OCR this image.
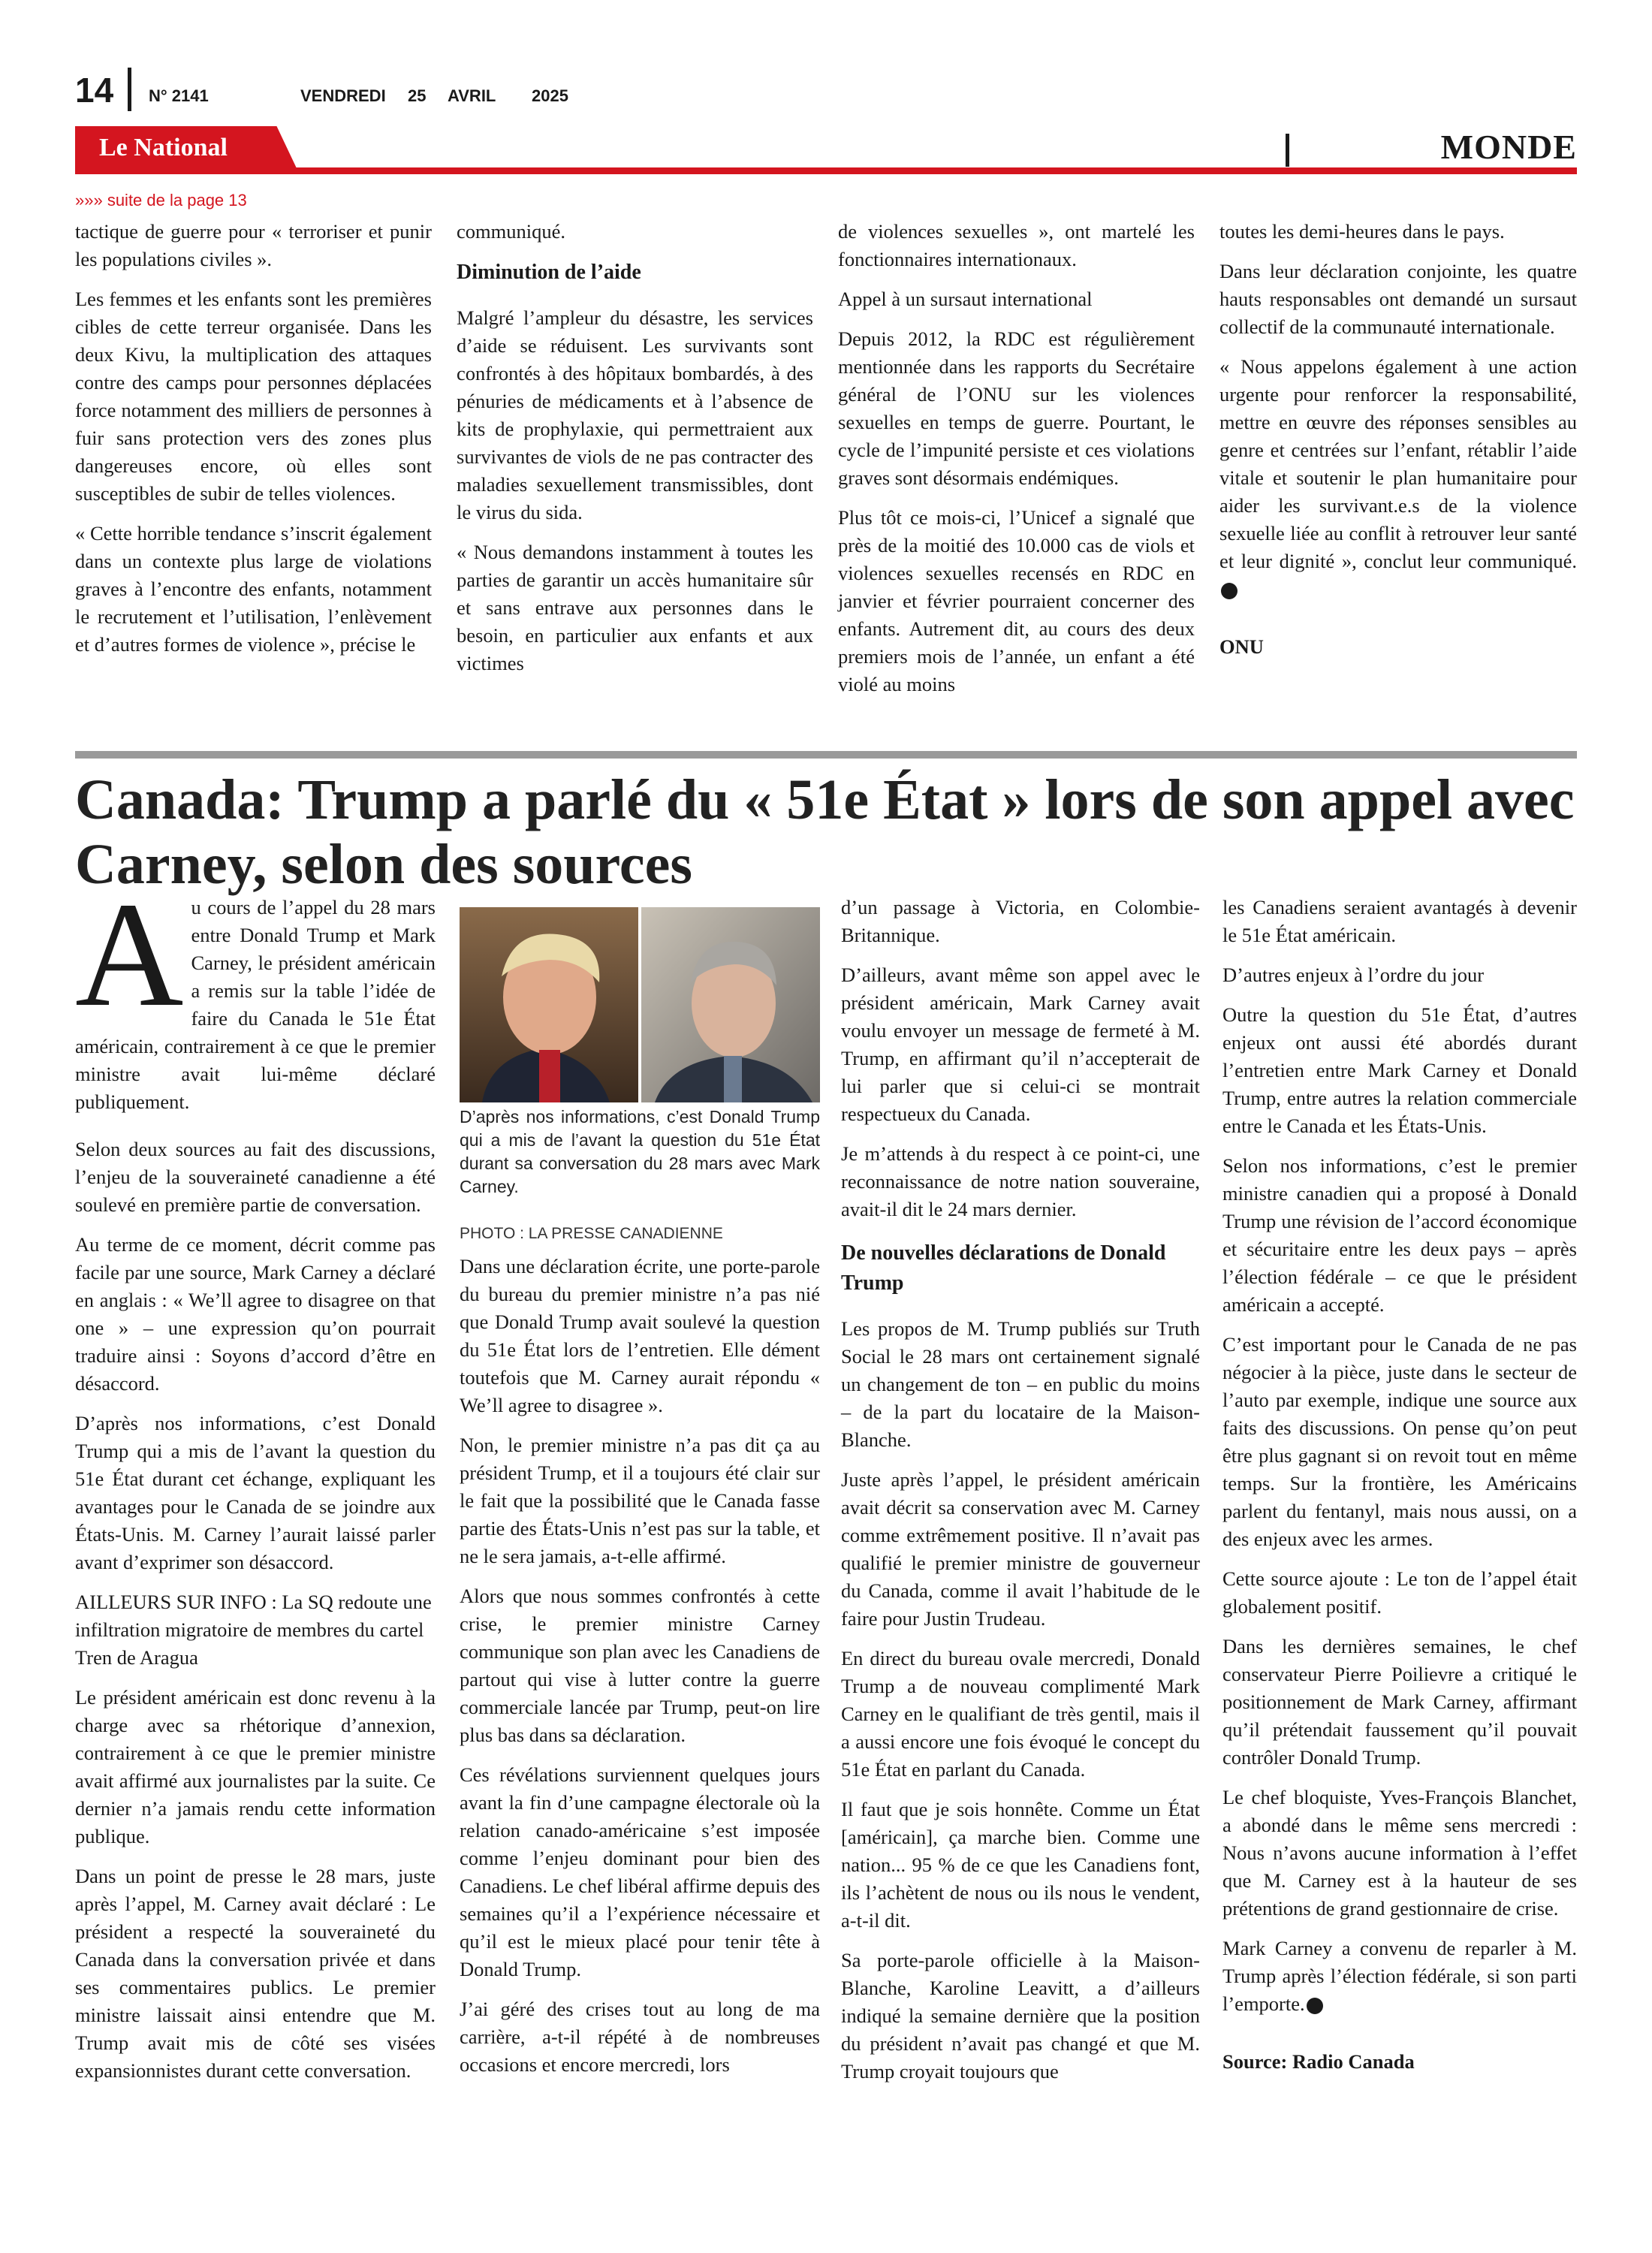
14 N° 2141	VENDREDI 25 AVRIL 2025
Le National	MONDE
»»» suite de la page 13

tactique de guerre pour « terroriser et punir les populations civiles ».

Les femmes et les enfants sont les premières cibles de cette terreur organisée. Dans les deux Kivu, la multiplication des attaques contre des camps pour personnes déplacées force notamment des milliers de personnes à fuir sans protection vers des zones plus dangereuses encore, où elles sont susceptibles de subir de telles violences.

« Cette horrible tendance s’inscrit également dans un contexte plus large de violations graves à l’encontre des enfants, notamment le recrutement et l’utilisation, l’enlèvement et d’autres formes de violence », précise le

communiqué.

Diminution de l’aide

Malgré l’ampleur du désastre, les services d’aide se réduisent. Les survivants sont confrontés à des hôpitaux bombardés, à des pénuries de médicaments et à l’absence de kits de prophylaxie, qui permettraient aux survivantes de viols de ne pas contracter des maladies sexuellement transmissibles, dont le virus du sida.

« Nous demandons instamment à toutes les parties de garantir un accès humanitaire sûr et sans entrave aux personnes dans le besoin, en particulier aux enfants et aux victimes

de violences sexuelles », ont martelé les fonctionnaires internationaux.

Appel à un sursaut international

Depuis 2012, la RDC est régulièrement mentionnée dans les rapports du Secrétaire général de l’ONU sur les violences sexuelles en temps de guerre. Pourtant, le cycle de l’impunité persiste et ces violations graves sont désormais endémiques.

Plus tôt ce mois-ci, l’Unicef a signalé que près de la moitié des 10.000 cas de viols et violences sexuelles recensés en RDC en janvier et février pourraient concerner des enfants. Autrement dit, au cours des deux premiers mois de l’année, un enfant a été violé au moins

toutes les demi-heures dans le pays.

Dans leur déclaration conjointe, les quatre hauts responsables ont demandé un sursaut collectif de la communauté internationale.

« Nous appelons également à une action urgente pour renforcer la responsabilité, mettre en œuvre des réponses sensibles au genre et centrées sur l’enfant, rétablir l’aide vitale et soutenir le plan humanitaire pour aider les survivant.e.s de la violence sexuelle liée au conflit à retrouver leur santé et leur dignité », conclut leur communiqué.

ONU

Canada: Trump a parlé du « 51e État » lors de son appel avec Carney, selon des sources

Au cours de l’appel du 28 mars entre Donald Trump et Mark Carney, le président américain a remis sur la table l’idée de faire du Canada le 51e État américain, contrairement à ce que le premier ministre avait lui-même déclaré publiquement.

Selon deux sources au fait des discussions, l’enjeu de la souveraineté canadienne a été soulevé en première partie de conversation.

Au terme de ce moment, décrit comme pas facile par une source, Mark Carney a déclaré en anglais : « We’ll agree to disagree on that one » – une expression qu’on pourrait traduire ainsi : Soyons d’accord d’être en désaccord.

D’après nos informations, c’est Donald Trump qui a mis de l’avant la question du 51e État durant cet échange, expliquant les avantages pour le Canada de se joindre aux États-Unis. M. Carney l’aurait laissé parler avant d’exprimer son désaccord.

AILLEURS SUR INFO : La SQ redoute une infiltration migratoire de membres du cartel Tren de Aragua

Le président américain est donc revenu à la charge avec sa rhétorique d’annexion, contrairement à ce que le premier ministre avait affirmé aux journalistes par la suite. Ce dernier n’a jamais rendu cette information publique.

Dans un point de presse le 28 mars, juste après l’appel, M. Carney avait déclaré : Le président a respecté la souveraineté du Canada dans la conversation privée et dans ses commentaires publics. Le premier ministre laissait ainsi entendre que M. Trump avait mis de côté ses visées expansionnistes durant cette conversation.

D’après nos informations, c’est Donald Trump qui a mis de l’avant la question du 51e État durant sa conversation du 28 mars avec Mark Carney.
PHOTO : LA PRESSE CANADIENNE

Dans une déclaration écrite, une porte-parole du bureau du premier ministre n’a pas nié que Donald Trump avait soulevé la question du 51e État lors de l’entretien. Elle dément toutefois que M. Carney aurait répondu « We’ll agree to disagree ».

Non, le premier ministre n’a pas dit ça au président Trump, et il a toujours été clair sur le fait que la possibilité que le Canada fasse partie des États-Unis n’est pas sur la table, et ne le sera jamais, a-t-elle affirmé.

Alors que nous sommes confrontés à cette crise, le premier ministre Carney communique son plan avec les Canadiens de partout qui vise à lutter contre la guerre commerciale lancée par Trump, peut-on lire plus bas dans sa déclaration.

Ces révélations surviennent quelques jours avant la fin d’une campagne électorale où la relation canado-américaine s’est imposée comme l’enjeu dominant pour bien des Canadiens. Le chef libéral affirme depuis des semaines qu’il a l’expérience nécessaire et qu’il est le mieux placé pour tenir tête à Donald Trump.

J’ai géré des crises tout au long de ma carrière, a-t-il répété à de nombreuses occasions et encore mercredi, lors

d’un passage à Victoria, en Colombie-Britannique.

D’ailleurs, avant même son appel avec le président américain, Mark Carney avait voulu envoyer un message de fermeté à M. Trump, en affirmant qu’il n’accepterait de lui parler que si celui-ci se montrait respectueux du Canada.

Je m’attends à du respect à ce point-ci, une reconnaissance de notre nation souveraine, avait-il dit le 24 mars dernier.

De nouvelles déclarations de Donald Trump

Les propos de M. Trump publiés sur Truth Social le 28 mars ont certainement signalé un changement de ton – en public du moins – de la part du locataire de la Maison-Blanche.

Juste après l’appel, le président américain avait décrit sa conservation avec M. Carney comme extrêmement positive. Il n’avait pas qualifié le premier ministre de gouverneur du Canada, comme il avait l’habitude de le faire pour Justin Trudeau.

En direct du bureau ovale mercredi, Donald Trump a de nouveau complimenté Mark Carney en le qualifiant de très gentil, mais il a aussi encore une fois évoqué le concept du 51e État en parlant du Canada.

Il faut que je sois honnête. Comme un État [américain], ça marche bien. Comme une nation... 95 % de ce que les Canadiens font, ils l’achètent de nous ou ils nous le vendent, a-t-il dit.

Sa porte-parole officielle à la Maison-Blanche, Karoline Leavitt, a d’ailleurs indiqué la semaine dernière que la position du président n’avait pas changé et que M. Trump croyait toujours que

les Canadiens seraient avantagés à devenir le 51e État américain.

D’autres enjeux à l’ordre du jour

Outre la question du 51e État, d’autres enjeux ont aussi été abordés durant l’entretien entre Mark Carney et Donald Trump, entre autres la relation commerciale entre le Canada et les États-Unis.

Selon nos informations, c’est le premier ministre canadien qui a proposé à Donald Trump une révision de l’accord économique et sécuritaire entre les deux pays – après l’élection fédérale – ce que le président américain a accepté.

C’est important pour le Canada de ne pas négocier à la pièce, juste dans le secteur de l’auto par exemple, indique une source aux faits des discussions. On pense qu’on peut être plus gagnant si on revoit tout en même temps. Sur la frontière, les Américains parlent du fentanyl, mais nous aussi, on a des enjeux avec les armes.

Cette source ajoute : Le ton de l’appel était globalement positif.

Dans les dernières semaines, le chef conservateur Pierre Poilievre a critiqué le positionnement de Mark Carney, affirmant qu’il prétendait faussement qu’il pouvait contrôler Donald Trump.

Le chef bloquiste, Yves-François Blanchet, a abondé dans le même sens mercredi : Nous n’avons aucune information à l’effet que M. Carney est à la hauteur de ses prétentions de grand gestionnaire de crise.

Mark Carney a convenu de reparler à M. Trump après l’élection fédérale, si son parti l’emporte.

Source: Radio Canada
